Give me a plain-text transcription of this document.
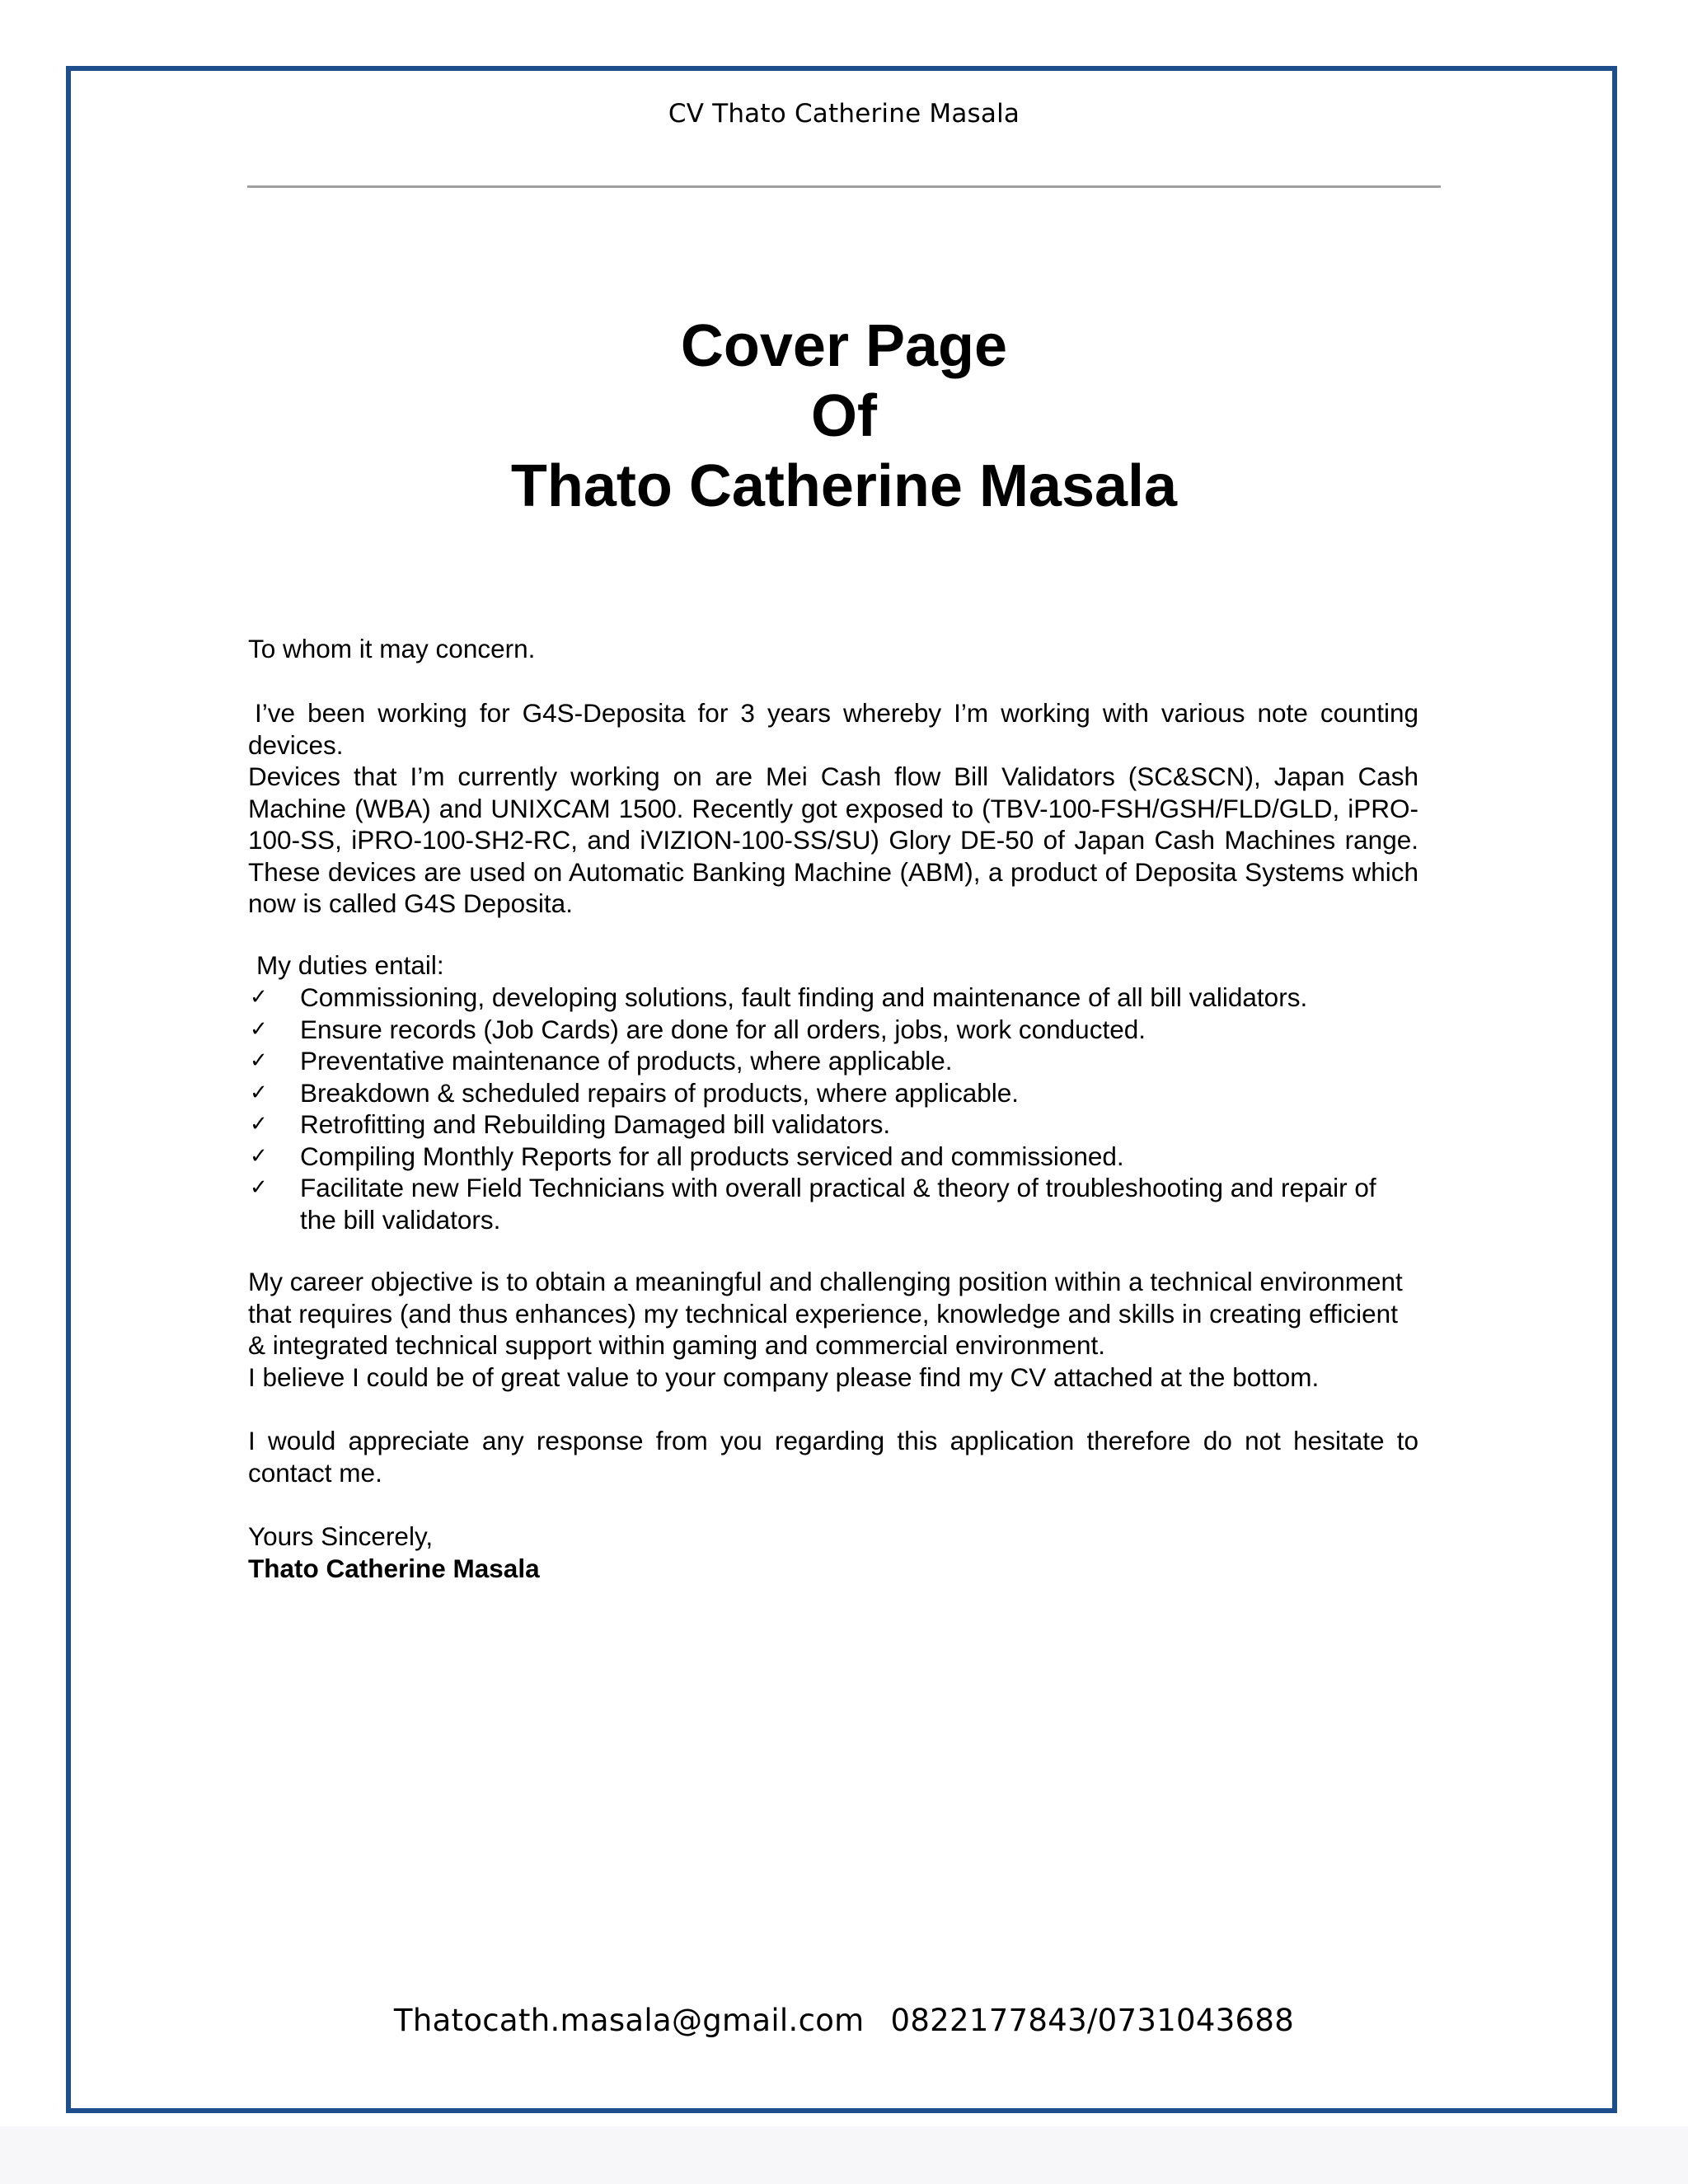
CV Thato Catherine Masala
Cover Page
Of
Thato Catherine Masala
To whom it may concern.
I’ve been working for G4S-Deposita for 3 years whereby I’m working with various note counting devices.
Devices that I’m currently working on are Mei Cash flow Bill Validators (SC&SCN), Japan Cash Machine (WBA) and UNIXCAM 1500. Recently got exposed to (TBV-100-FSH/GSH/FLD/GLD, iPRO-100-SS, iPRO-100-SH2-RC, and iVIZION-100-SS/SU) Glory DE-50 of Japan Cash Machines range. These devices are used on Automatic Banking Machine (ABM), a product of Deposita Systems which now is called G4S Deposita.
My duties entail:
✓ Commissioning, developing solutions, fault finding and maintenance of all bill validators.
✓ Ensure records (Job Cards) are done for all orders, jobs, work conducted.
✓ Preventative maintenance of products, where applicable.
✓ Breakdown & scheduled repairs of products, where applicable.
✓ Retrofitting and Rebuilding Damaged bill validators.
✓ Compiling Monthly Reports for all products serviced and commissioned.
✓ Facilitate new Field Technicians with overall practical & theory of troubleshooting and repair of the bill validators.
My career objective is to obtain a meaningful and challenging position within a technical environment that requires (and thus enhances) my technical experience, knowledge and skills in creating efficient & integrated technical support within gaming and commercial environment.
I believe I could be of great value to your company please find my CV attached at the bottom.
I would appreciate any response from you regarding this application therefore do not hesitate to contact me.
Yours Sincerely,
Thato Catherine Masala
Thatocath.masala@gmail.com 0822177843/0731043688
